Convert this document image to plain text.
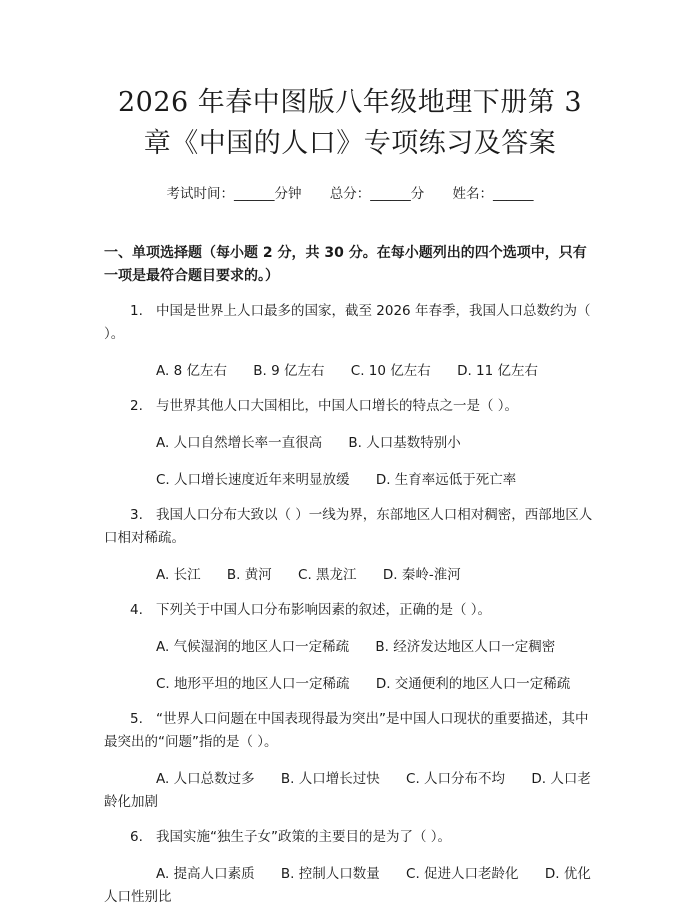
2026 年春中图版八年级地理下册第 3 章《中国的人口》专项练习及答案
考试时间：______分钟 总分：______分 姓名：______
一、单项选择题（每小题 2 分，共 30 分。在每小题列出的四个选项中，只有一项是最符合题目要求的。）
1. 中国是世界上人口最多的国家，截至 2026 年春季，我国人口总数约为（ ）。
A. 8 亿左右 B. 9 亿左右 C. 10 亿左右 D. 11 亿左右
2. 与世界其他人口大国相比，中国人口增长的特点之一是（ ）。
A. 人口自然增长率一直很高 B. 人口基数特别小
C. 人口增长速度近年来明显放缓 D. 生育率远低于死亡率
3. 我国人口分布大致以（ ）一线为界，东部地区人口相对稠密，西部地区人口相对稀疏。
A. 长江 B. 黄河 C. 黑龙江 D. 秦岭-淮河
4. 下列关于中国人口分布影响因素的叙述，正确的是（ ）。
A. 气候湿润的地区人口一定稀疏 B. 经济发达地区人口一定稠密
C. 地形平坦的地区人口一定稀疏 D. 交通便利的地区人口一定稀疏
5. “世界人口问题在中国表现得最为突出”是中国人口现状的重要描述，其中最突出的“问题”指的是（ ）。
A. 人口总数过多 B. 人口增长过快 C. 人口分布不均 D. 人口老龄化加剧
6. 我国实施“独生子女”政策的主要目的是为了（ ）。
A. 提高人口素质 B. 控制人口数量 C. 促进人口老龄化 D. 优化人口性别比
